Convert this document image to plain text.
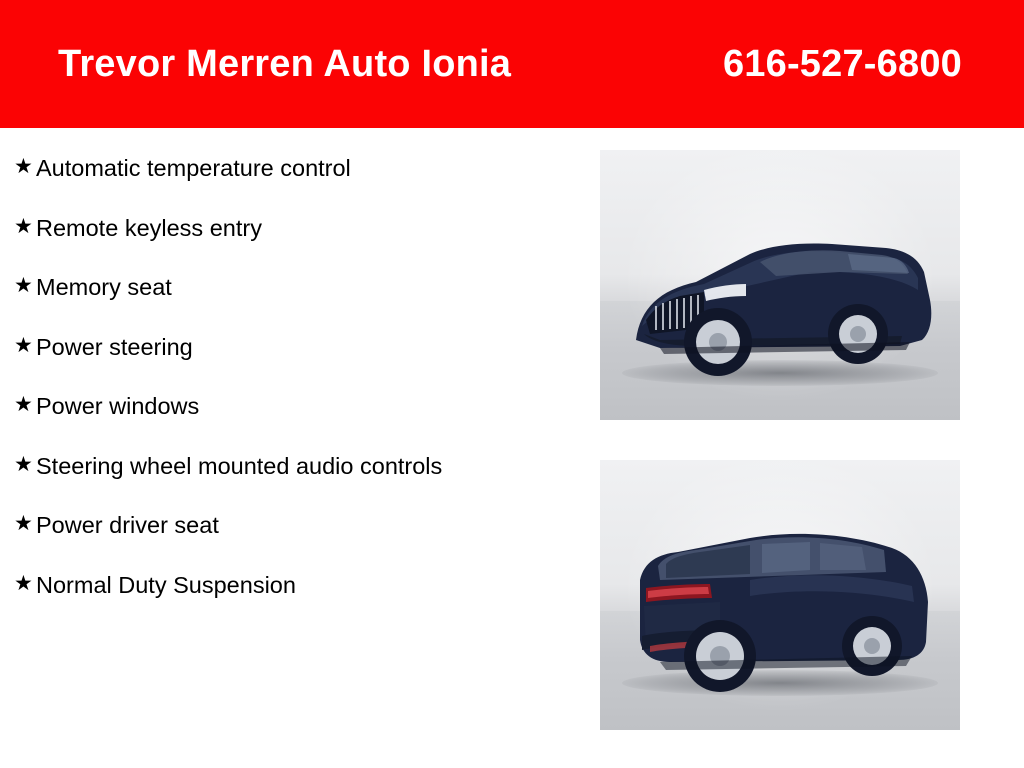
Trevor Merren Auto Ionia	616-527-6800
★ Automatic temperature control
★ Remote keyless entry
★ Memory seat
★ Power steering
★ Power windows
★ Steering wheel mounted audio controls
★ Power driver seat
★ Normal Duty Suspension
